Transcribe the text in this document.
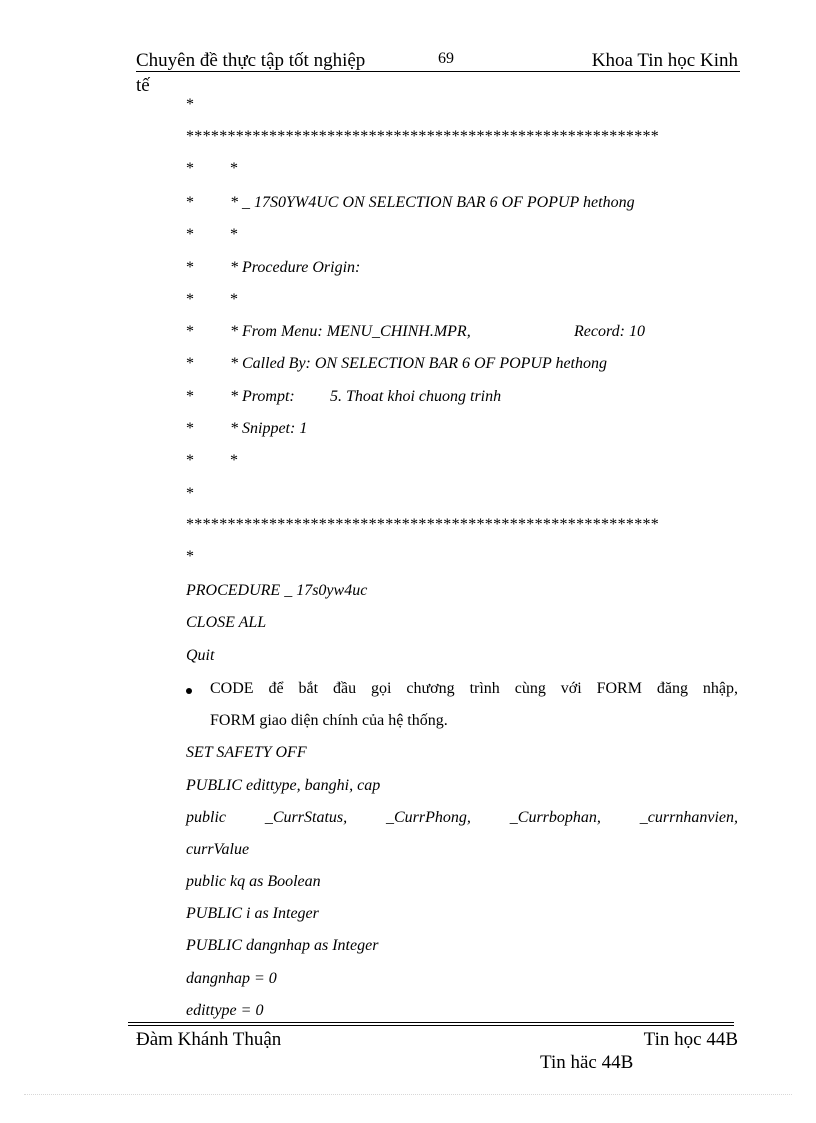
Chuyên đề thực tập tốt nghiệp	69	Khoa Tin học Kinh
tế
*
*********************************************************
* *
* * _ 17S0YW4UC ON SELECTION BAR 6 OF POPUP hethong
* *
* * Procedure Origin:
* *
* * From Menu: MENU_CHINH.MPR,	Record: 10
* * Called By: ON SELECTION BAR 6 OF POPUP hethong
* * Prompt: 5. Thoat khoi chuong trinh
* * Snippet: 1
* *
*
*********************************************************
*
PROCEDURE _ 17s0yw4uc
CLOSE ALL
Quit
CODE để bắt đầu gọi chương trình cùng với FORM đăng nhập,
FORM giao diện chính của hệ thống.
SET SAFETY OFF
PUBLIC edittype, banghi, cap
public _CurrStatus, _CurrPhong, _Currbophan, _currnhanvien,
currValue
public kq as Boolean
PUBLIC i as Integer
PUBLIC dangnhap as Integer
dangnhap = 0
edittype = 0
Đàm Khánh Thuận	Tin học 44B
Tin häc 44B
